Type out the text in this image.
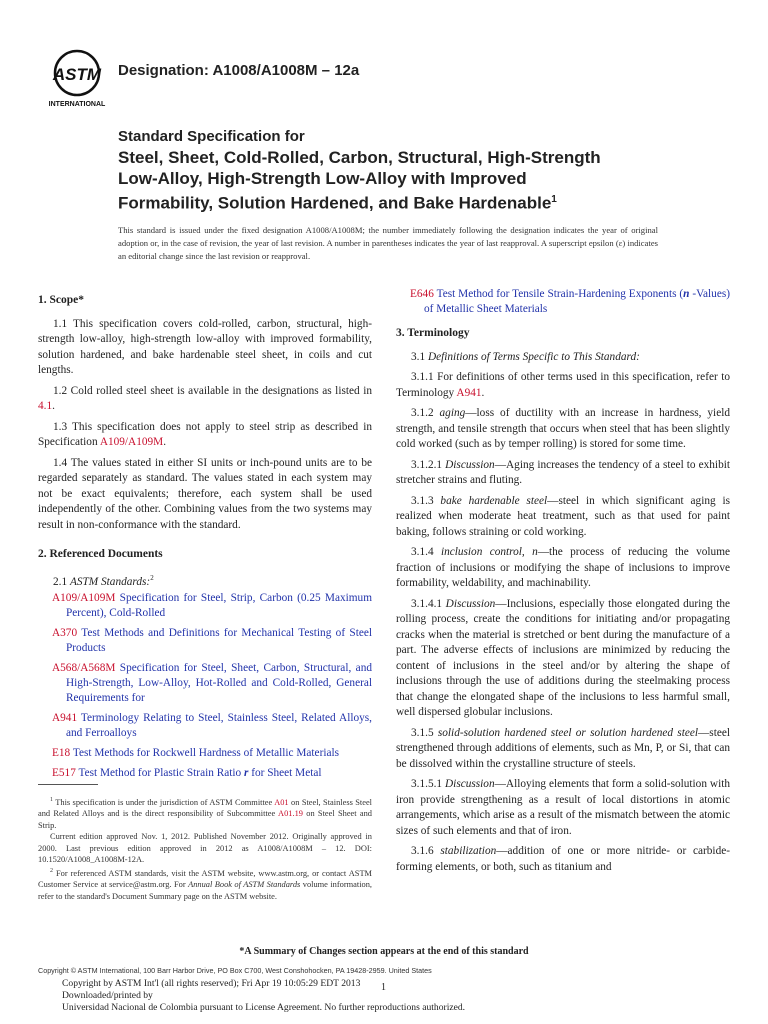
ASTM
INTERNATIONAL
Designation: A1008/A1008M – 12a
Standard Specification for
Steel, Sheet, Cold-Rolled, Carbon, Structural, High-Strength
Low-Alloy, High-Strength Low-Alloy with Improved
Formability, Solution Hardened, and Bake Hardenable$^1$
This standard is issued under the fixed designation A1008/A1008M; the number immediately following the designation indicates the year of original adoption or, in the case of revision, the year of last revision. A number in parentheses indicates the year of last reapproval. A superscript epsilon (ε) indicates an editorial change since the last revision or reapproval.
1. Scope*

1.1 This specification covers cold-rolled, carbon, structural, high-strength low-alloy, high-strength low-alloy with improved formability, solution hardened, and bake hardenable steel sheet, in coils and cut lengths.

1.2 Cold rolled steel sheet is available in the designations as listed in 4.1.

1.3 This specification does not apply to steel strip as described in Specification A109/A109M.

1.4 The values stated in either SI units or inch-pound units are to be regarded separately as standard. The values stated in each system may not be exact equivalents; therefore, each system shall be used independently of the other. Combining values from the two systems may result in non-conformance with the standard.

2. Referenced Documents

2.1 ASTM Standards:$^2$

A109/A109M Specification for Steel, Strip, Carbon (0.25 Maximum Percent), Cold-Rolled

A370 Test Methods and Definitions for Mechanical Testing of Steel Products

A568/A568M Specification for Steel, Sheet, Carbon, Structural, and High-Strength, Low-Alloy, Hot-Rolled and Cold-Rolled, General Requirements for

A941 Terminology Relating to Steel, Stainless Steel, Related Alloys, and Ferroalloys

E18 Test Methods for Rockwell Hardness of Metallic Materials

E517 Test Method for Plastic Strain Ratio r for Sheet Metal

$^1$ This specification is under the jurisdiction of ASTM Committee A01 on Steel, Stainless Steel and Related Alloys and is the direct responsibility of Subcommittee A01.19 on Steel Sheet and Strip.

Current edition approved Nov. 1, 2012. Published November 2012. Originally approved in 2000. Last previous edition approved in 2012 as A1008/A1008M – 12. DOI: 10.1520/A1008_A1008M-12A.

$^2$ For referenced ASTM standards, visit the ASTM website, www.astm.org, or contact ASTM Customer Service at service@astm.org. For Annual Book of ASTM Standards volume information, refer to the standard's Document Summary page on the ASTM website.

E646 Test Method for Tensile Strain-Hardening Exponents (n -Values) of Metallic Sheet Materials

3. Terminology

3.1 Definitions of Terms Specific to This Standard:

3.1.1 For definitions of other terms used in this specification, refer to Terminology A941.

3.1.2 aging—loss of ductility with an increase in hardness, yield strength, and tensile strength that occurs when steel that has been slightly cold worked (such as by temper rolling) is stored for some time.

3.1.2.1 Discussion—Aging increases the tendency of a steel to exhibit stretcher strains and fluting.

3.1.3 bake hardenable steel—steel in which significant aging is realized when moderate heat treatment, such as that used for paint baking, follows straining or cold working.

3.1.4 inclusion control, n—the process of reducing the volume fraction of inclusions or modifying the shape of inclusions to improve formability, weldability, and machinability.

3.1.4.1 Discussion—Inclusions, especially those elongated during the rolling process, create the conditions for initiating and/or propagating cracks when the material is stretched or bent during the manufacture of a part. The adverse effects of inclusions are minimized by reducing the content of inclusions in the steel and/or by altering the shape of inclusions through the use of additions during the steelmaking process that change the elongated shape of the inclusions to less harmful small, well dispersed globular inclusions.

3.1.5 solid-solution hardened steel or solution hardened steel—steel strengthened through additions of elements, such as Mn, P, or Si, that can be dissolved within the crystalline structure of steels.

3.1.5.1 Discussion—Alloying elements that form a solid-solution with iron provide strengthening as a result of local distortions in atomic arrangements, which arise as a result of the mismatch between the atomic sizes of such elements and that of iron.

3.1.6 stabilization—addition of one or more nitride- or carbide-forming elements, or both, such as titanium and

*A Summary of Changes section appears at the end of this standard
Copyright © ASTM International, 100 Barr Harbor Drive, PO Box C700, West Conshohocken, PA 19428-2959. United States
Copyright by ASTM Int'l (all rights reserved); Fri Apr 19 10:05:29 EDT 2013
Downloaded/printed by
Universidad Nacional de Colombia pursuant to License Agreement. No further reproductions authorized.
1
